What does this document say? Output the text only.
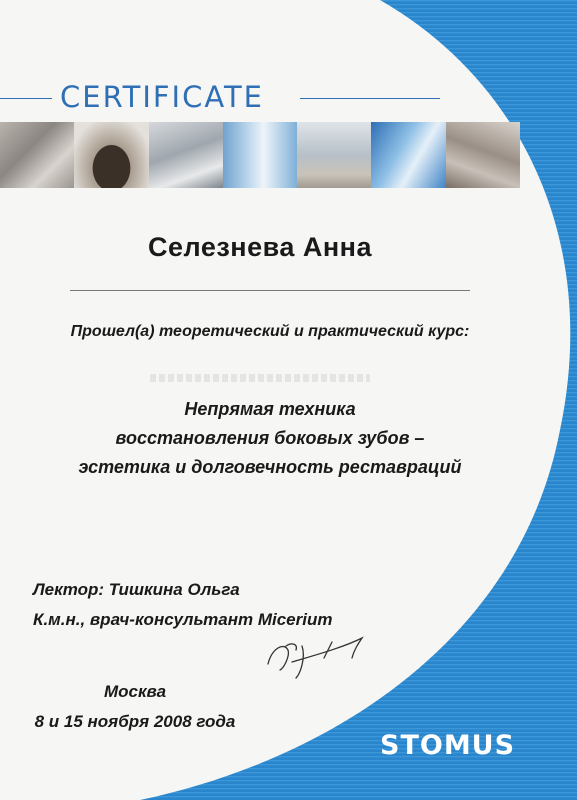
CERTIFICATE
Селезнева Анна
Прошел(а) теоретический и практический курс:
Непрямая техника
восстановления боковых зубов –
эстетика и долговечность реставраций
Лектор: Тишкина Ольга
К.м.н., врач-консультант Micerium
Москва
8 и 15 ноября 2008 года
STOMUS
